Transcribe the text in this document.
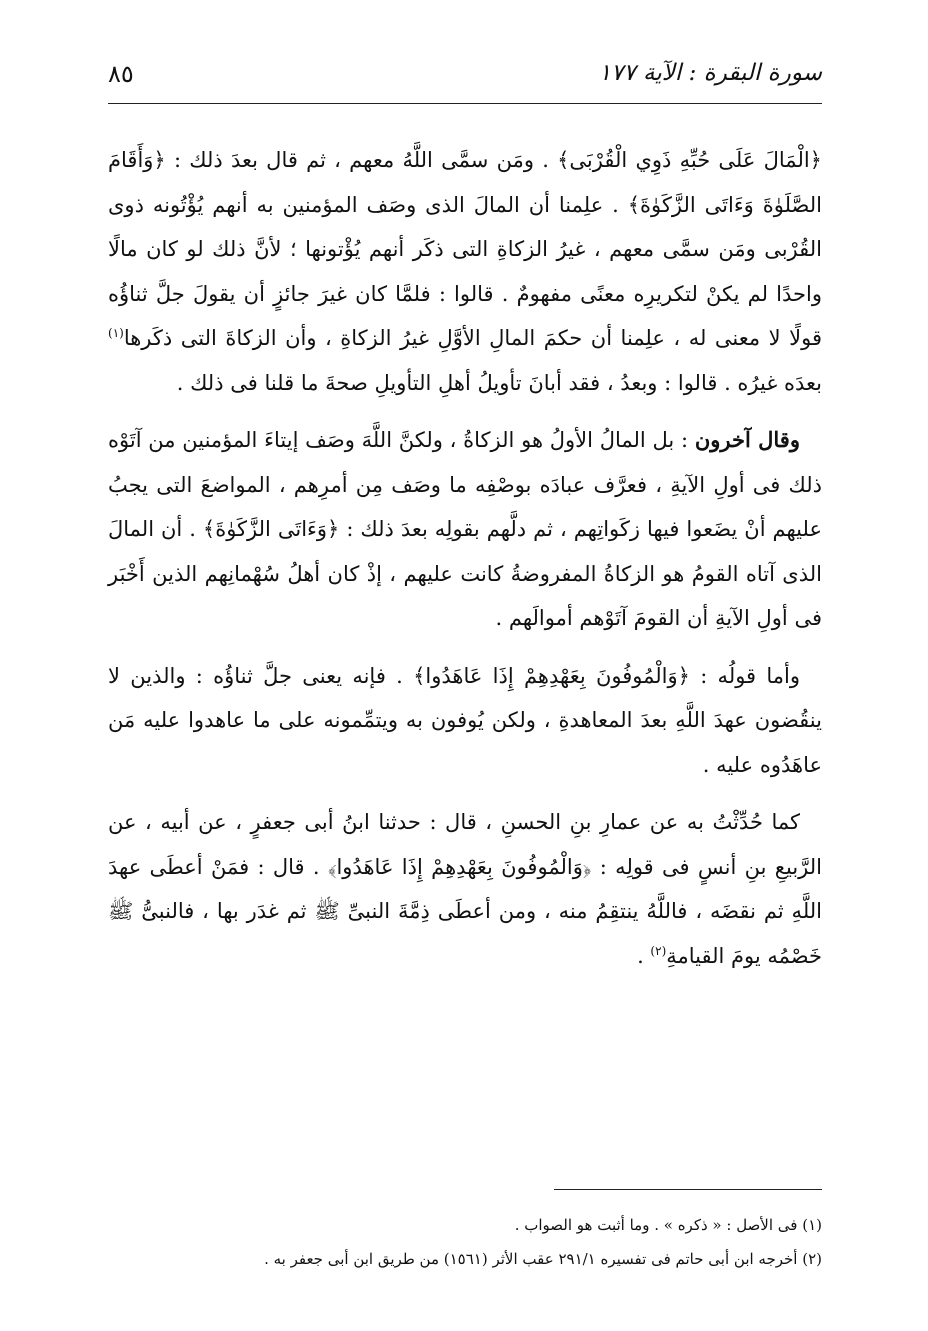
سورة البقرة : الآية ١٧٧
٨٥

﴿الْمَالَ عَلَى حُبِّهِ ذَوِي الْقُرْبَى﴾ . ومَن سمَّى اللَّهُ معهم ، ثم قال بعدَ ذلك : ﴿وَأَقَامَ الصَّلَوٰةَ وَءَاتَى الزَّكَوٰةَ﴾ . علِمنا أن المالَ الذى وصَف المؤمنين به أنهم يُؤْتُونه ذوى القُرْبى ومَن سمَّى معهم ، غيرُ الزكاةِ التى ذكَر أنهم يُؤْتونها ؛ لأنَّ ذلك لو كان مالًا واحدًا لم يكنْ لتكريرِه معنًى مفهومٌ . قالوا : فلمَّا كان غيرَ جائزٍ أن يقولَ جلَّ ثناؤُه قولًا لا معنى له ، علِمنا أن حكمَ المالِ الأوَّلِ غيرُ الزكاةِ ، وأن الزكاةَ التى ذكَرها$^{(١)}$ بعدَه غيرُه . قالوا : وبعدُ ، فقد أبانَ تأويلُ أهلِ التأويلِ صحةَ ما قلنا فى ذلك .

وقال آخرون : بل المالُ الأولُ هو الزكاةُ ، ولكنَّ اللَّهَ وصَف إيتاءَ المؤمنين من آتَوْه ذلك فى أولِ الآيةِ ، فعرَّف عبادَه بوصْفِه ما وصَف مِن أمرِهم ، المواضعَ التى يجبُ عليهم أنْ يضَعوا فيها زكَواتِهم ، ثم دلَّهم بقولِه بعدَ ذلك : ﴿وَءَاتَى الزَّكَوٰةَ﴾ . أن المالَ الذى آتاه القومُ هو الزكاةُ المفروضةُ كانت عليهم ، إذْ كان أهلُ سُهْمانِهم الذين أَخْبَر فى أولِ الآيةِ أن القومَ آتَوْهم أموالَهم .

وأما قولُه : ﴿وَالْمُوفُونَ بِعَهْدِهِمْ إِذَا عَاهَدُوا﴾ . فإنه يعنى جلَّ ثناؤُه : والذين لا ينقُضون عهدَ اللَّهِ بعدَ المعاهدةِ ، ولكن يُوفون به ويتمِّمونه على ما عاهدوا عليه مَن عاهَدُوه عليه .

كما حُدِّثْتُ به عن عمارِ بنِ الحسنِ ، قال : حدثنا ابنُ أبى جعفرٍ ، عن أبيه ، عن الرَّبيعِ بنِ أنسٍ فى قولِه : ﴿وَالْمُوفُونَ بِعَهْدِهِمْ إِذَا عَاهَدُوا﴾ . قال : فمَنْ أعطَى عهدَ اللَّهِ ثم نقضَه ، فاللَّهُ ينتقِمُ منه ، ومن أعطَى ذِمَّةَ النبىِّ ﷺ ثم غدَر بها ، فالنبىُّ ﷺ خَصْمُه يومَ القيامةِ$^{(٢)}$ .

(١) فى الأصل : « ذكره » . وما أثبت هو الصواب .

(٢) أخرجه ابن أبى حاتم فى تفسيره ٢٩١/١ عقب الأثر (١٥٦١) من طريق ابن أبى جعفر به .
